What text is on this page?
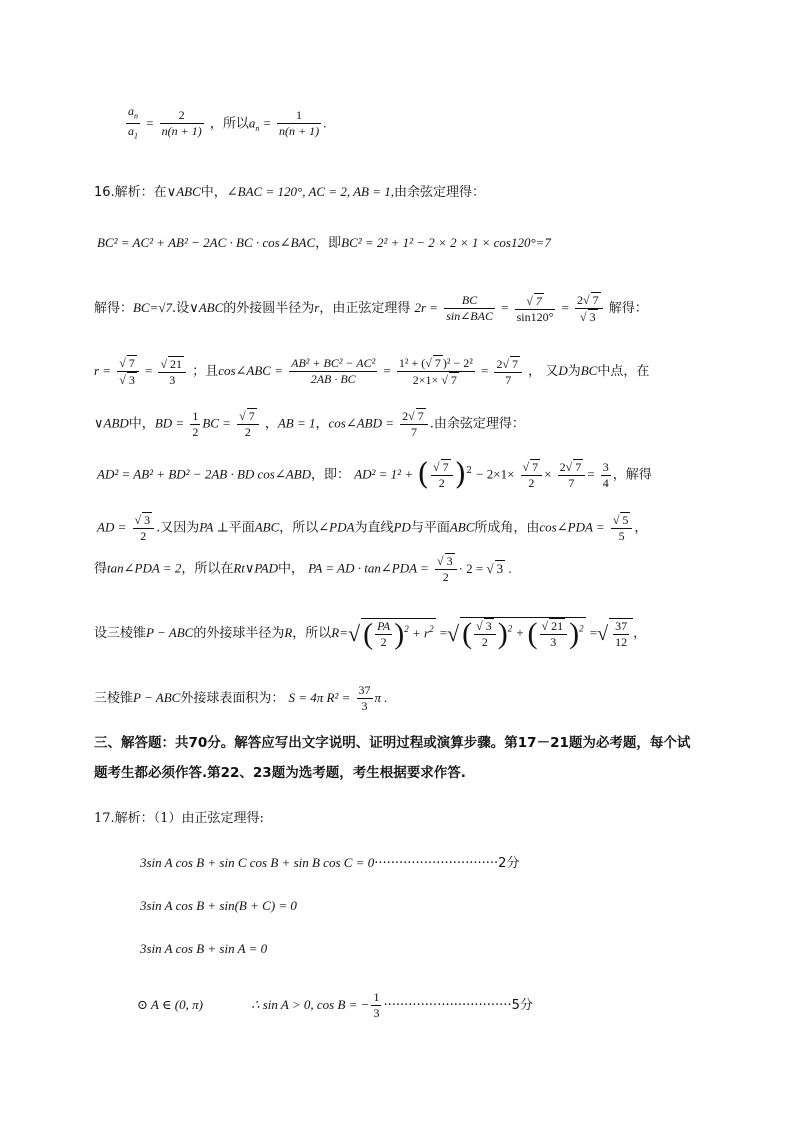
$\frac{a_n}{a_1} = \frac{2}{n(n + 1)}$ ，所以$a_n = \frac{1}{n(n + 1)}$ .
16.解析：在∨ABC中，∠BAC = 120°, AC = 2, AB = 1,由余弦定理得：
BC² = AC² + AB² − 2AC · BC · cos∠BAC，即BC² = 2² + 1² − 2 × 2 × 1 × cos120°=7
解得：BC=√7.设∨ABC的外接圆半径为r，由正弦定理得 $2r = \frac{BC}{\text{sin∠BAC}}$ =
√ $\frac{7}{\sin 120^\circ} = 2√$ 7
√ 3 解得：
r =
√ 7
√ 3 =
√ $\frac{21}{3}$ ；且cos∠ABC = $\frac{\text{AB² + BC² − AC²}}{2AB \cdot BC} = \frac{\text{1² + (√ 7 )² − 2²}}{2\times 1\times √ 7} = \frac{2√ 7}{7}$ ， 又D为BC中点，在
∨ABD中，BD = $\frac{1}{2}$ BC =
√ $\frac{7}{2}$ ，AB = 1，cos∠ABD = $\frac{2√ 7}{7}$ .由余弦定理得：
AD² = AB² + BD² − 2AB · BD cos∠ABD，即： AD² = 1² + (
√ $\frac{7}{2} )^2 - 2\times 1\times$
√ $\frac{7}{2} \times \frac{2√ 7}{7} = \frac{3}{4}$ ，解得
AD =
√ $\frac{3}{2}$ .又因为PA ⊥平面ABC，所以∠PDA为直线PD与平面ABC所成角，由cos∠PDA =
√ $\frac{5}{5}$ ，
得tan∠PDA = 2，所以在Rt∨PAD中， PA = AD · tan∠PDA =
√ $\frac{3}{2} \cdot 2$ = √ 3 .
设三棱锥P − ABC的外接球半径为R，所以R=√ ( $\frac{PA}{2} )^2 + r^2$ =√ (
√ $\frac{3}{2} )^2$ + (
√ $\frac{21}{3} )^2$ =√ $\frac{37}{12}$ ，
三棱锥P − ABC外接球表面积为： S = 4π $R^2 = \frac{37}{3}$ π .
三、解答题：共70分。解答应写出文字说明、证明过程或演算步骤。第17－21题为必考题，每个试
题考生都必须作答.第22、23题为选考题，考生根据要求作答.
17.解析：（1）由正弦定理得:
3sin A cos B + sin C cos B + sin B cos C = 0······························2分
3sin A cos B + sin(B + C) = 0
3sin A cos B + sin A = 0
⊙ A ∈ (0, π)	∴ sin A > 0, cos B = − $\frac{1}{3} \cdot\cdot\cdot\cdot\cdot\cdot\cdot\cdot\cdot\cdot\cdot\cdot\cdot\cdot\cdot\cdot\cdot\cdot\cdot\cdot\cdot\cdot\cdot\cdot\cdot\cdot\cdot\cdot\cdot\cdot\cdot 5$分
